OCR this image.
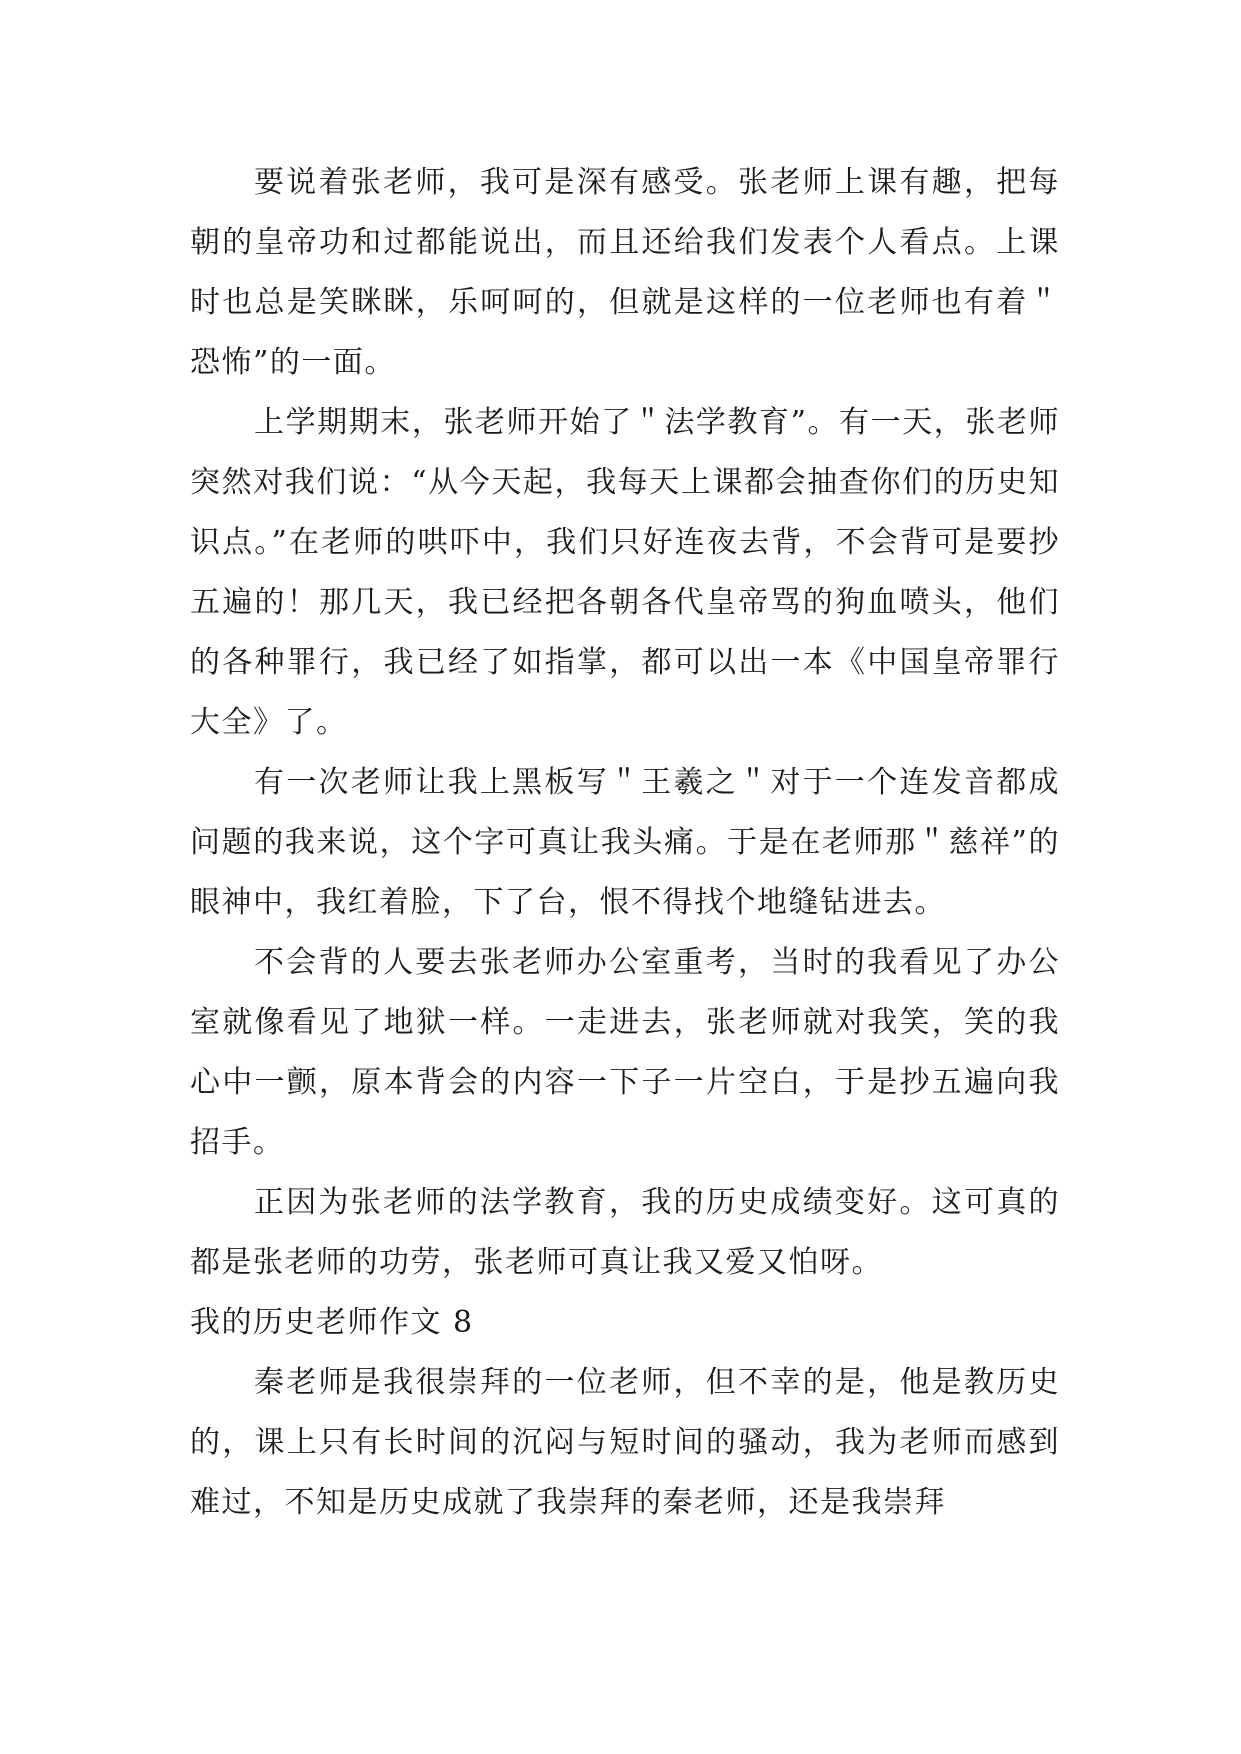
要说着张老师，我可是深有感受。张老师上课有趣，把每朝的皇帝功和过都能说出，而且还给我们发表个人看点。上课时也总是笑眯眯，乐呵呵的，但就是这样的一位老师也有着＂恐怖”的一面。

上学期期末，张老师开始了＂法学教育”。有一天，张老师突然对我们说：“从今天起，我每天上课都会抽查你们的历史知识点。”在老师的哄吓中，我们只好连夜去背，不会背可是要抄五遍的！那几天，我已经把各朝各代皇帝骂的狗血喷头，他们的各种罪行，我已经了如指掌，都可以出一本《中国皇帝罪行大全》了。

有一次老师让我上黑板写＂王羲之＂对于一个连发音都成问题的我来说，这个字可真让我头痛。于是在老师那＂慈祥”的眼神中，我红着脸，下了台，恨不得找个地缝钻进去。

不会背的人要去张老师办公室重考，当时的我看见了办公室就像看见了地狱一样。一走进去，张老师就对我笑，笑的我心中一颤，原本背会的内容一下子一片空白，于是抄五遍向我招手。

正因为张老师的法学教育，我的历史成绩变好。这可真的都是张老师的功劳，张老师可真让我又爱又怕呀。

我的历史老师作文 8

秦老师是我很崇拜的一位老师，但不幸的是，他是教历史的，课上只有长时间的沉闷与短时间的骚动，我为老师而感到难过，不知是历史成就了我崇拜的秦老师，还是我崇拜
